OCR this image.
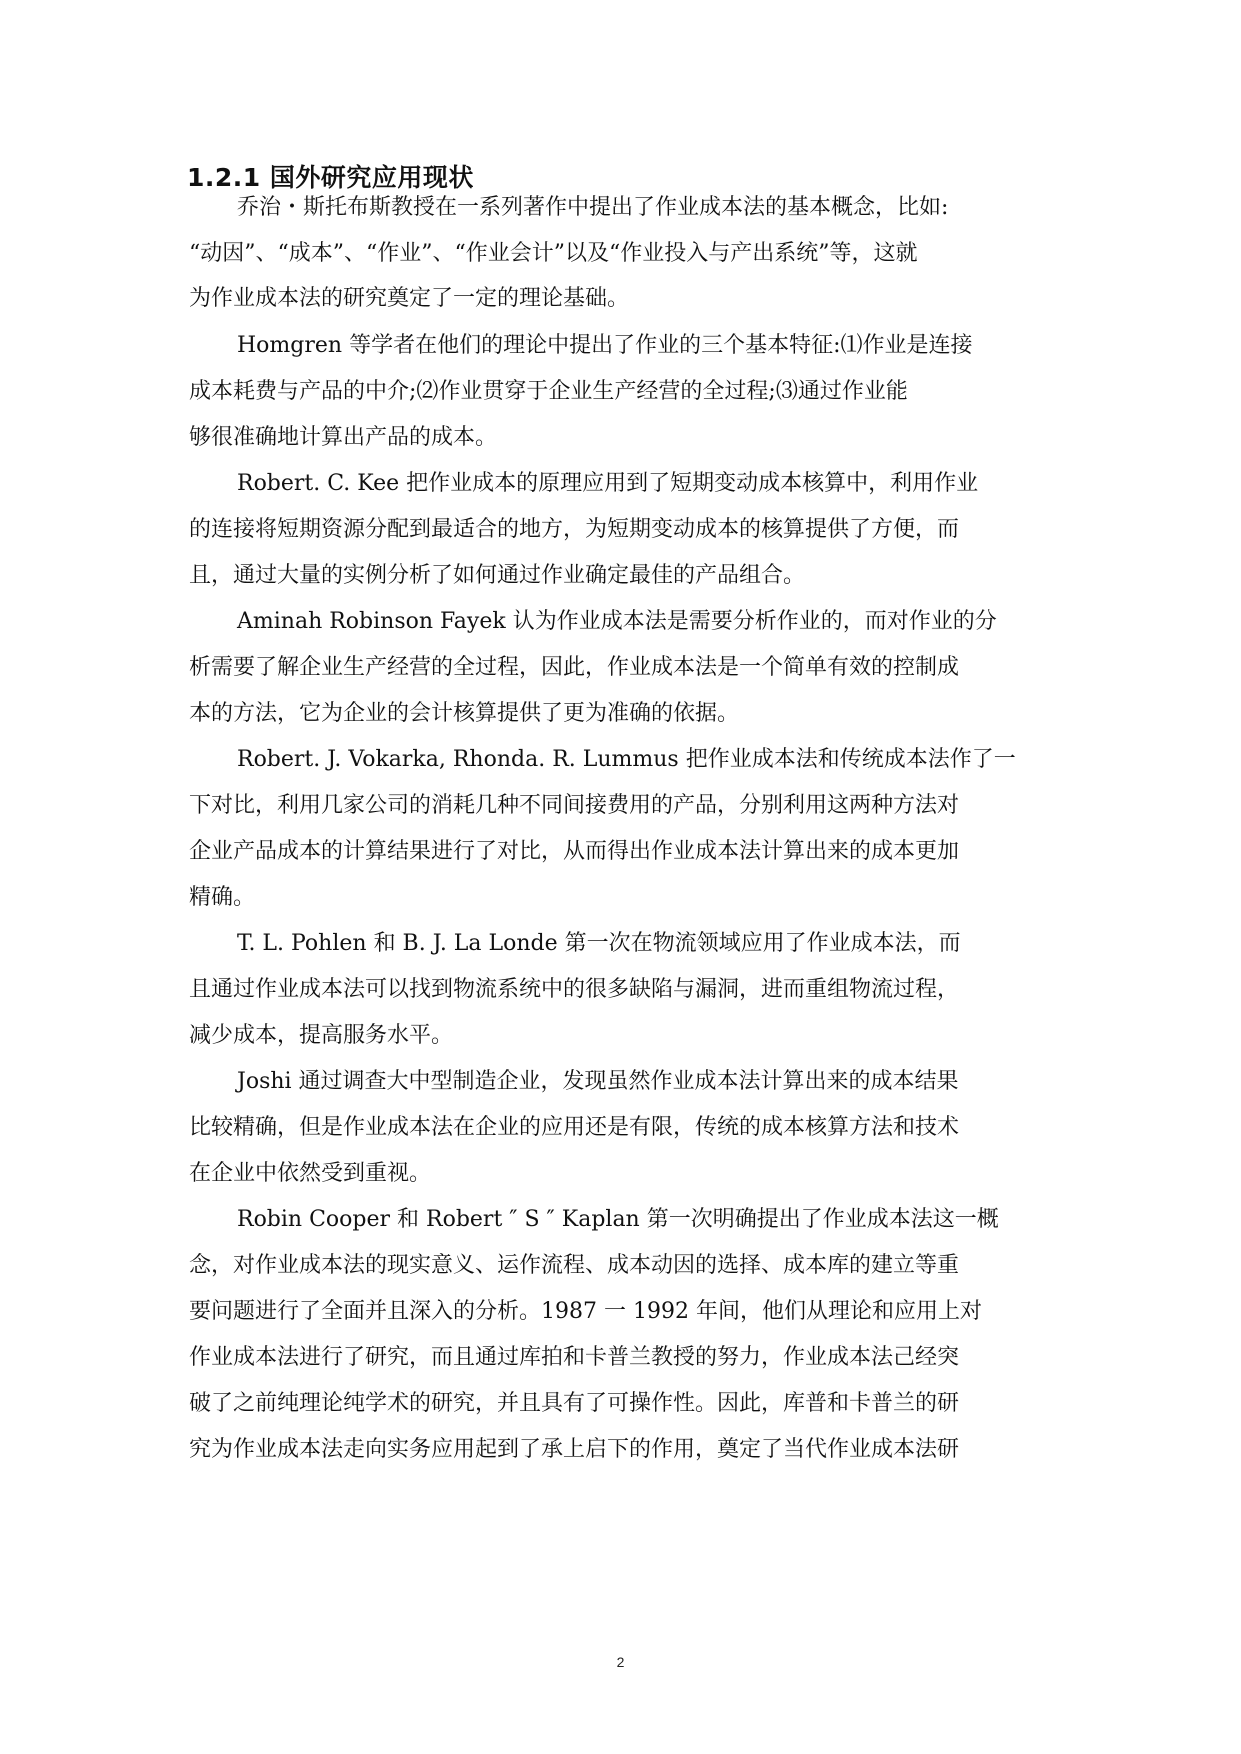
1.2.1 国外研究应用现状
乔治・斯托布斯教授在一系列著作中提出了作业成本法的基本概念，比如:
“动因”、“成本”、“作业”、“作业会计”以及“作业投入与产出系统”等，这就
为作业成本法的研究奠定了一定的理论基础。
Homgren 等学者在他们的理论中提出了作业的三个基本特征:⑴作业是连接
成本耗费与产品的中介;⑵作业贯穿于企业生产经营的全过程;⑶通过作业能
够很准确地计算出产品的成本。
Robert. C. Kee 把作业成本的原理应用到了短期变动成本核算中，利用作业
的连接将短期资源分配到最适合的地方，为短期变动成本的核算提供了方便，而
且，通过大量的实例分析了如何通过作业确定最佳的产品组合。
Aminah Robinson Fayek 认为作业成本法是需要分析作业的，而对作业的分
析需要了解企业生产经营的全过程，因此，作业成本法是一个简单有效的控制成
本的方法，它为企业的会计核算提供了更为准确的依据。
Robert. J. Vokarka, Rhonda. R. Lummus 把作业成本法和传统成本法作了一
下对比，利用几家公司的消耗几种不同间接费用的产品，分别利用这两种方法对
企业产品成本的计算结果进行了对比，从而得出作业成本法计算出来的成本更加
精确。
T. L. Pohlen 和 B. J. La Londe 第一次在物流领域应用了作业成本法，而
且通过作业成本法可以找到物流系统中的很多缺陷与漏洞，进而重组物流过程，
减少成本，提高服务水平。
Joshi 通过调查大中型制造企业，发现虽然作业成本法计算出来的成本结果
比较精确，但是作业成本法在企业的应用还是有限，传统的成本核算方法和技术
在企业中依然受到重视。
Robin Cooper 和 Robert ″ S ″ Kaplan 第一次明确提出了作业成本法这一概
念，对作业成本法的现实意义、运作流程、成本动因的选择、成本库的建立等重
要问题进行了全面并且深入的分析。1987 一 1992 年间，他们从理论和应用上对
作业成本法进行了研究，而且通过库拍和卡普兰教授的努力，作业成本法己经突
破了之前纯理论纯学术的研究，并且具有了可操作性。因此，库普和卡普兰的研
究为作业成本法走向实务应用起到了承上启下的作用，奠定了当代作业成本法研
2
